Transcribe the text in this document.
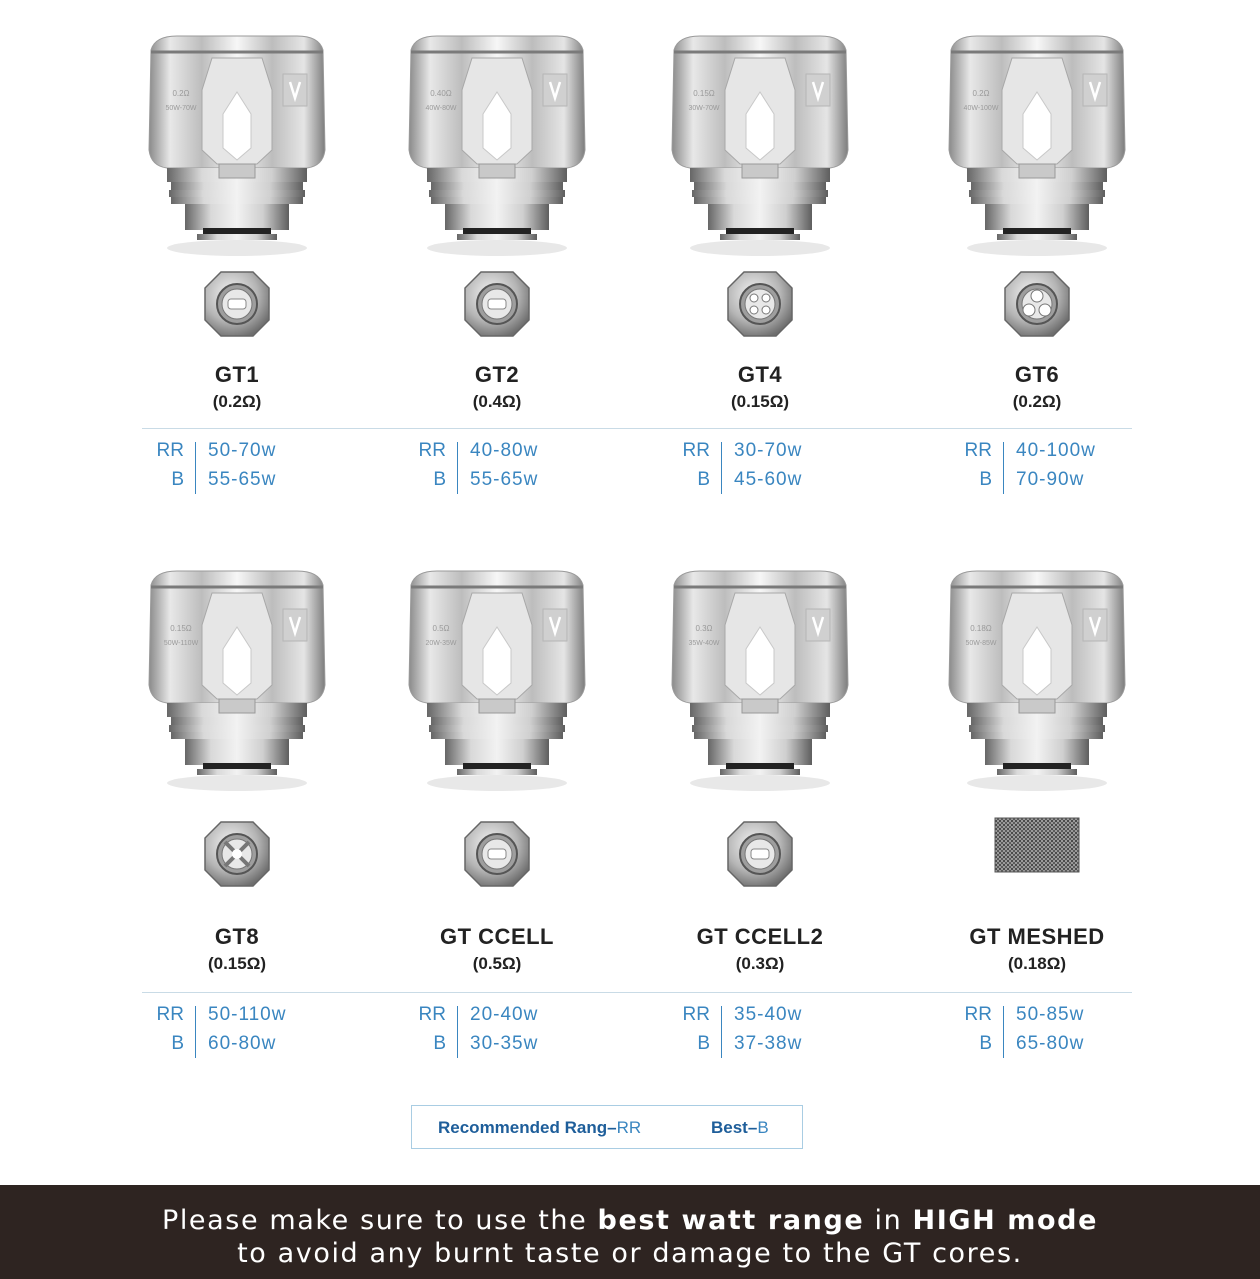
0.2Ω
50W-70W
GT1
(0.2Ω)
RR
B
50-70w
55-65w
0.40Ω
40W-80W
GT2
(0.4Ω)
RR
B
40-80w
55-65w
0.15Ω
30W-70W
GT4
(0.15Ω)
RR
B
30-70w
45-60w
0.2Ω
40W-100W
GT6
(0.2Ω)
RR
B
40-100w
70-90w
0.15Ω
50W-110W
GT8
(0.15Ω)
RR
B
50-110w
60-80w
0.5Ω
20W-35W
GT CCELL
(0.5Ω)
RR
B
20-40w
30-35w
0.3Ω
35W-40W
GT CCELL2
(0.3Ω)
RR
B
35-40w
37-38w
0.18Ω
50W-85W
GT MESHED
(0.18Ω)
RR
B
50-85w
65-80w
Recommended Rang–RR	Best–B
Please make sure to use the best watt range in HIGH mode
to avoid any burnt taste or damage to the GT cores.
